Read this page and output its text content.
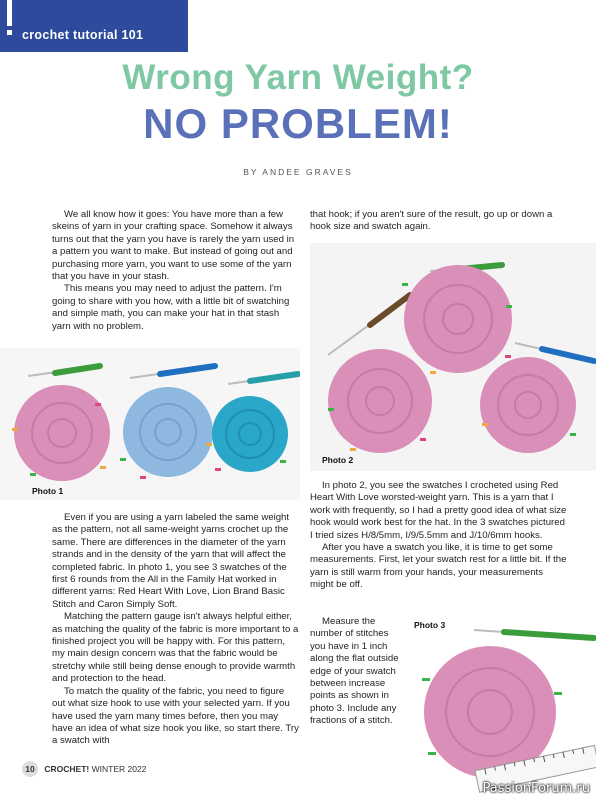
crochet tutorial 101
Wrong Yarn Weight?
NO PROBLEM!
BY ANDEE GRAVES

We all know how it goes: You have more than a few skeins of yarn in your crafting space. Somehow it always turns out that the yarn you have is rarely the yarn used in a pattern you want to make. But instead of going out and purchasing more yarn, you want to use some of the yarn that you have in your stash.

This means you may need to adjust the pattern. I'm going to share with you how, with a little bit of swatching and simple math, you can make your hat in that stash yarn with no problem.

Photo 1

Even if you are using a yarn labeled the same weight as the pattern, not all same-weight yarns crochet up the same. There are differences in the diameter of the yarn strands and in the density of the yarn that will affect the completed fabric. In photo 1, you see 3 swatches of the first 6 rounds from the All in the Family Hat worked in different yarns: Red Heart With Love, Lion Brand Basic Stitch and Caron Simply Soft.

Matching the pattern gauge isn't always helpful either, as matching the quality of the fabric is more important to a finished project you will be happy with. For this pattern, my main design concern was that the fabric would be stretchy while still being dense enough to provide warmth and protection to the head.

To match the quality of the fabric, you need to figure out what size hook to use with your selected yarn. If you have used the yarn many times before, then you may have an idea of what size hook you like, so start there. Try a swatch with

that hook; if you aren't sure of the result, go up or down a hook size and swatch again.

Photo 2

In photo 2, you see the swatches I crocheted using Red Heart With Love worsted-weight yarn. This is a yarn that I work with frequently, so I had a pretty good idea of what size hook would work best for the hat. In the 3 swatches pictured I tried sizes H/8/5mm, I/9/5.5mm and J/10/6mm hooks.

After you have a swatch you like, it is time to get some measurements. First, let your swatch rest for a little bit. If the yarn is still warm from your hands, your measurements might be off.

Measure the number of stitches you have in 1 inch along the flat outside edge of your swatch between increase points as shown in photo 3. Include any fractions of a stitch.

Photo 3
10 CROCHET! WINTER 2022
PassionForum.ru
